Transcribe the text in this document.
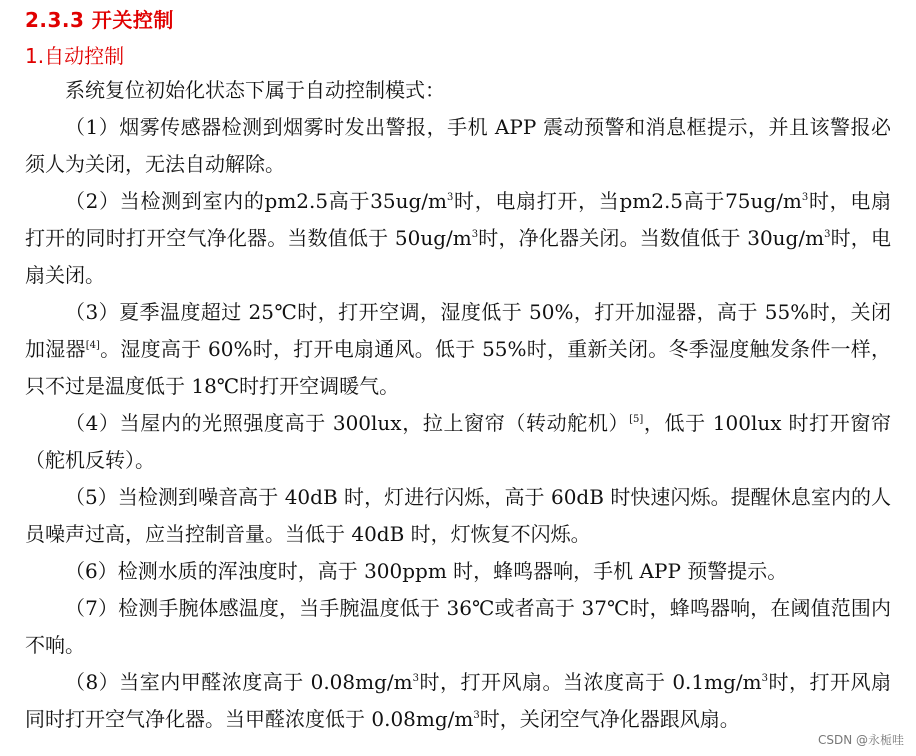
2.3.3 开关控制
1.自动控制

系统复位初始化状态下属于自动控制模式：

（1）烟雾传感器检测到烟雾时发出警报，手机 APP 震动预警和消息框提示，并且该警报必须人为关闭，无法自动解除。

（2）当检测到室内的pm2.5高于$35ug/m^3$时，电扇打开，当pm2.5高于$75ug/m^3$时，电扇打开的同时打开空气净化器。当数值低于 $50ug/m^3$时，净化器关闭。当数值低于 $30ug/m^3$时，电扇关闭。

（3）夏季温度超过 25℃时，打开空调，湿度低于 50%，打开加湿器，高于 55%时，关闭加湿器[4]。湿度高于 60%时，打开电扇通风。低于 55%时，重新关闭。冬季湿度触发条件一样，只不过是温度低于 18℃时打开空调暖气。

（4）当屋内的光照强度高于 300lux，拉上窗帘（转动舵机）[5]，低于 100lux 时打开窗帘（舵机反转）。

（5）当检测到噪音高于 40dB 时，灯进行闪烁，高于 60dB 时快速闪烁。提醒休息室内的人员噪声过高，应当控制音量。当低于 40dB 时，灯恢复不闪烁。

（6）检测水质的浑浊度时，高于 300ppm 时，蜂鸣器响，手机 APP 预警提示。

（7）检测手腕体感温度，当手腕温度低于 36℃或者高于 37℃时，蜂鸣器响，在阈值范围内不响。

（8）当室内甲醛浓度高于 $0.08mg/m^3$时，打开风扇。当浓度高于 $0.1mg/m^3$时，打开风扇同时打开空气净化器。当甲醛浓度低于 $0.08mg/m^3$时，关闭空气净化器跟风扇。

CSDN @永栀哇
